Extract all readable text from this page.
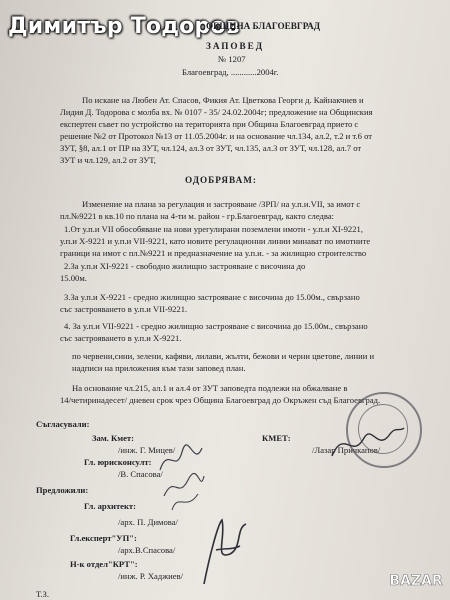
Димитър Тодоров
ОБЩИНА БЛАГОЕВГРАД
ЗАПОВЕД
№ 1207
Благоевград, ............2004г.
По искане на Любен Ат. Спасов, Фикия Ат. Цветкова Георги д. Кайнакчиев и
Лидия Д. Тодорова с молба вх. № 0107 - 35/ 24.02.2004г; предложение на Общинския
експертен съвет по устройство на територията при Община Благоевград прието с
решение №2 от Протокол №13 от 11.05.2004г. и на основание чл.134, ал.2, т.2 и т.6 от
ЗУТ, §8, ал.1 от ПР на ЗУТ, чл.124, ал.3 от ЗУТ, чл.135, ал.3 от ЗУТ, чл.128, ал.7 от
ЗУТ и чл.129, ал.2 от ЗУТ,
ОДОБРЯВАМ:
Изменение на плана за регулация и застрояване /ЗРП/ на у.п.и.VII, за имот с
пл.№9221 в кв.10 по плана на 4-ти м. район - гр.Благоевград, както следва:
1.От у.п.и VII обособяване на нови урегулирани поземлени имоти - у.п.и XI-9221,
у.п.и X-9221 и у.п.и VII-9221, като новите регулационни линии минават по имотните
граници на имот с пл.№9221 и предназначение на у.п.и. - за жилищно строителство
2.За у.п.и XI-9221 - свободно жилищно застрояване с височина до
15.00м.
3.За у.п.и X-9221 - средно жилищно застрояване с височина до 15.00м., свързано
със застрояването в у.п.и VII-9221.
4. За у.п.и VII-9221 - средно жилищно застрояване с височина до 15.00м., свързано
със застрояването в у.п.и X-9221.
по червени,сини, зелени, кафяви, лилави, жълти, бежови и черни цветове, линии и
надписи на приложения към тази заповед план.
На основание чл.215, ал.1 и ал.4 от ЗУТ заповедта подлежи на обжалване в
14/четиринадесет/ дневен срок чрез Община Благоевград до Окръжен съд Благоевград.
Съгласували:
Зам. Кмет:
/инж. Г. Мицев/
Гл. юрисконсулт:
/В. Спасова/
Предложили:
Гл. архитект:
/арх. П. Димова/
Гл.експерт"УП":
/арх.В.Спасова/
Н-к отдел"КРТ":
/инж. Р. Хаджиев/
КМЕТ:
/Лазар Причкапов/
Т.З.
BAZAR
